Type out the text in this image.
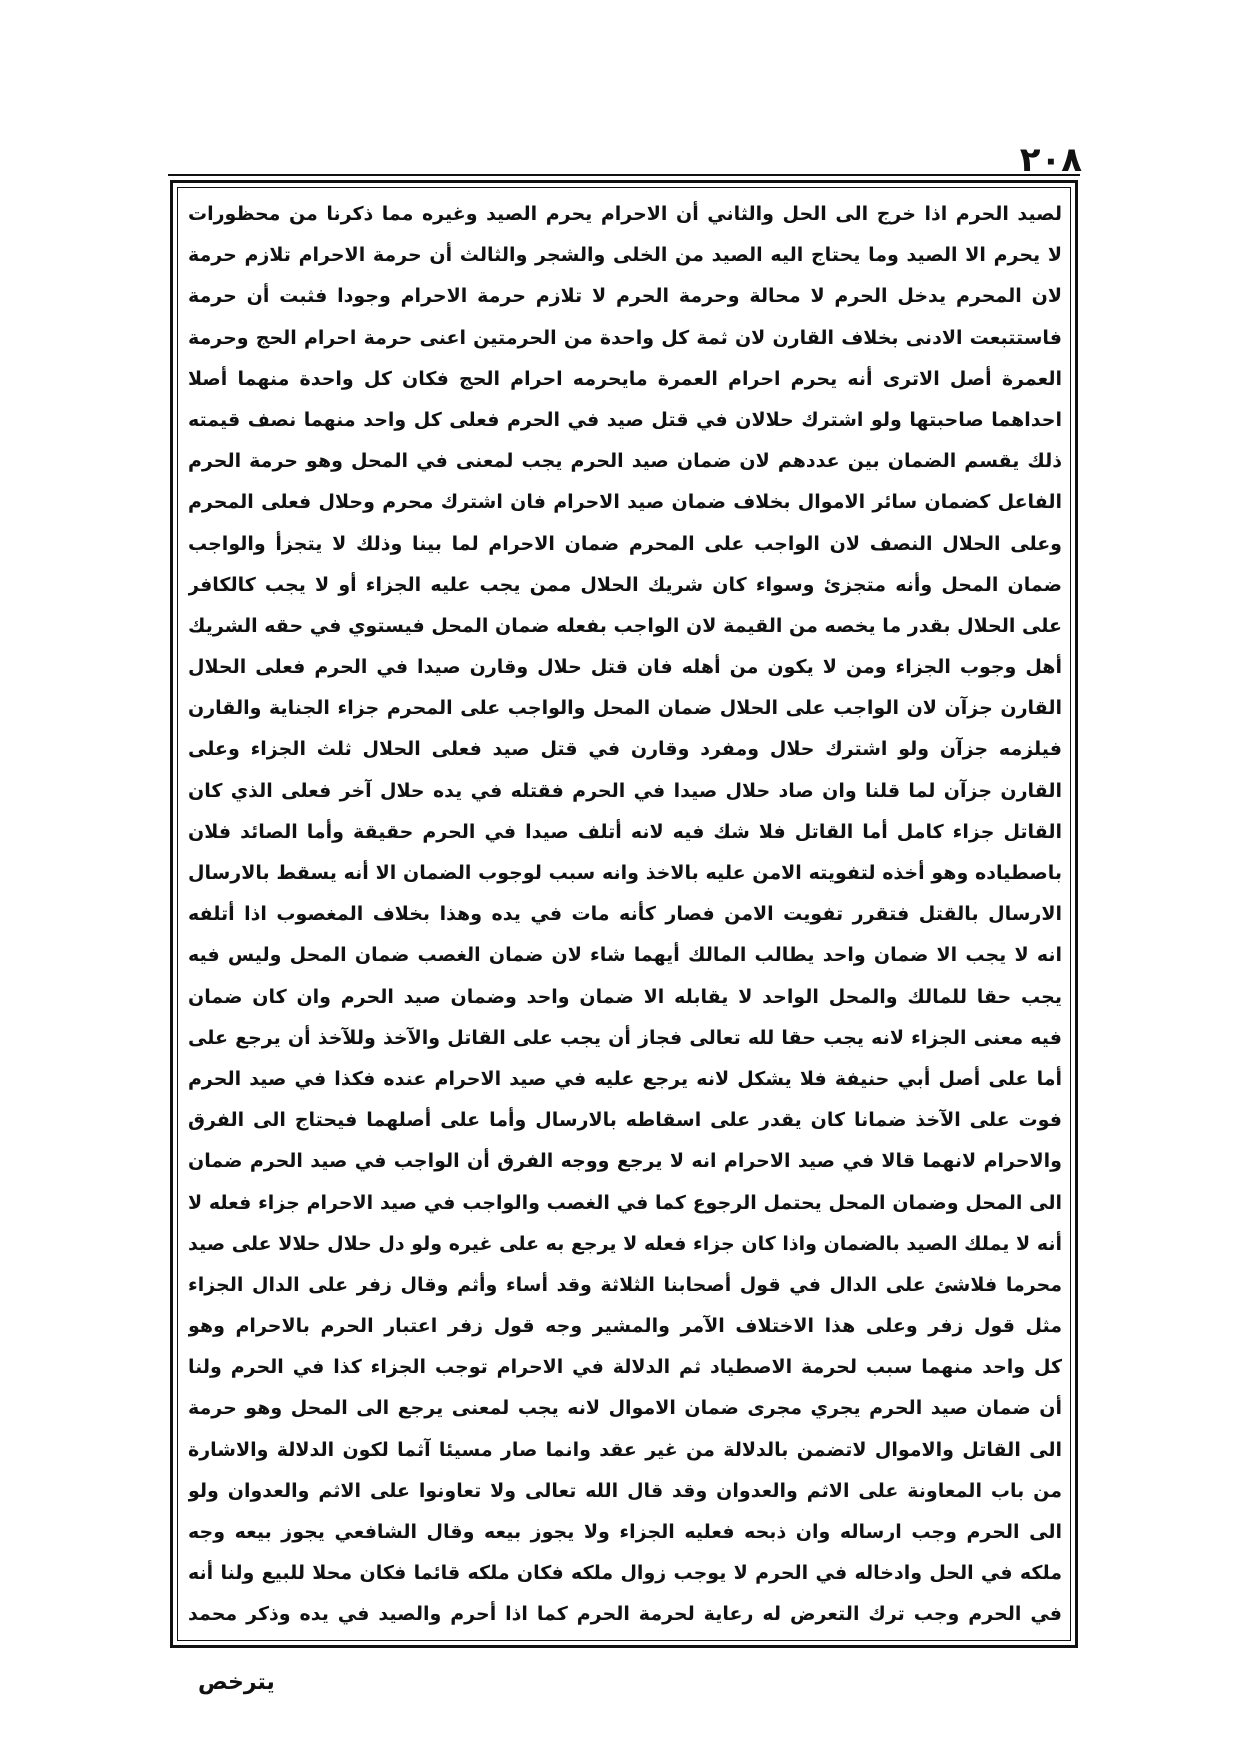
٢٠٨
لصيد الحرم اذا خرج الى الحل والثاني أن الاحرام يحرم الصيد وغيره مما ذكرنا من محظورات
لا يحرم الا الصيد وما يحتاج اليه الصيد من الخلى والشجر والثالث أن حرمة الاحرام تلازم حرمة
لان المحرم يدخل الحرم لا محالة وحرمة الحرم لا تلازم حرمة الاحرام وجودا فثبت أن حرمة
فاستتبعت الادنى بخلاف القارن لان ثمة كل واحدة من الحرمتين اعنى حرمة احرام الحج وحرمة
العمرة أصل الاترى أنه يحرم احرام العمرة مايحرمه احرام الحج فكان كل واحدة منهما أصلا
احداهما صاحبتها ولو اشترك حلالان في قتل صيد في الحرم فعلى كل واحد منهما نصف قيمته
ذلك يقسم الضمان بين عددهم لان ضمان صيد الحرم يجب لمعنى في المحل وهو حرمة الحرم
الفاعل كضمان سائر الاموال بخلاف ضمان صيد الاحرام فان اشترك محرم وحلال فعلى المحرم
وعلى الحلال النصف لان الواجب على المحرم ضمان الاحرام لما بينا وذلك لا يتجزأ والواجب
ضمان المحل وأنه متجزئ وسواء كان شريك الحلال ممن يجب عليه الجزاء أو لا يجب كالكافر
على الحلال بقدر ما يخصه من القيمة لان الواجب بفعله ضمان المحل فيستوي في حقه الشريك
أهل وجوب الجزاء ومن لا يكون من أهله فان قتل حلال وقارن صيدا في الحرم فعلى الحلال
القارن جزآن لان الواجب على الحلال ضمان المحل والواجب على المحرم جزاء الجناية والقارن
فيلزمه جزآن ولو اشترك حلال ومفرد وقارن في قتل صيد فعلى الحلال ثلث الجزاء وعلى
القارن جزآن لما قلنا وان صاد حلال صيدا في الحرم فقتله في يده حلال آخر فعلى الذي كان
القاتل جزاء كامل أما القاتل فلا شك فيه لانه أتلف صيدا في الحرم حقيقة وأما الصائد فلان
باصطياده وهو أخذه لتفويته الامن عليه بالاخذ وانه سبب لوجوب الضمان الا أنه يسقط بالارسال
الارسال بالقتل فتقرر تفويت الامن فصار كأنه مات في يده وهذا بخلاف المغصوب اذا أتلفه
انه لا يجب الا ضمان واحد يطالب المالك أيهما شاء لان ضمان الغصب ضمان المحل وليس فيه
يجب حقا للمالك والمحل الواحد لا يقابله الا ضمان واحد وضمان صيد الحرم وان كان ضمان
فيه معنى الجزاء لانه يجب حقا لله تعالى فجاز أن يجب على القاتل والآخذ وللآخذ أن يرجع على
أما على أصل أبي حنيفة فلا يشكل لانه يرجع عليه في صيد الاحرام عنده فكذا في صيد الحرم
فوت على الآخذ ضمانا كان يقدر على اسقاطه بالارسال وأما على أصلهما فيحتاج الى الفرق
والاحرام لانهما قالا في صيد الاحرام انه لا يرجع ووجه الفرق أن الواجب في صيد الحرم ضمان
الى المحل وضمان المحل يحتمل الرجوع كما في الغصب والواجب في صيد الاحرام جزاء فعله لا
أنه لا يملك الصيد بالضمان واذا كان جزاء فعله لا يرجع به على غيره ولو دل حلال حلالا على صيد
محرما فلاشئ على الدال في قول أصحابنا الثلاثة وقد أساء وأثم وقال زفر على الدال الجزاء
مثل قول زفر وعلى هذا الاختلاف الآمر والمشير وجه قول زفر اعتبار الحرم بالاحرام وهو
كل واحد منهما سبب لحرمة الاصطياد ثم الدلالة في الاحرام توجب الجزاء كذا في الحرم ولنا
أن ضمان صيد الحرم يجري مجرى ضمان الاموال لانه يجب لمعنى يرجع الى المحل وهو حرمة
الى القاتل والاموال لاتضمن بالدلالة من غير عقد وانما صار مسيئا آثما لكون الدلالة والاشارة
من باب المعاونة على الاثم والعدوان وقد قال الله تعالى ولا تعاونوا على الاثم والعدوان ولو
الى الحرم وجب ارساله وان ذبحه فعليه الجزاء ولا يجوز بيعه وقال الشافعي يجوز بيعه وجه
ملكه في الحل وادخاله في الحرم لا يوجب زوال ملكه فكان ملكه قائما فكان محلا للبيع ولنا أنه
في الحرم وجب ترك التعرض له رعاية لحرمة الحرم كما اذا أحرم والصيد في يده وذكر محمد
يترخص
